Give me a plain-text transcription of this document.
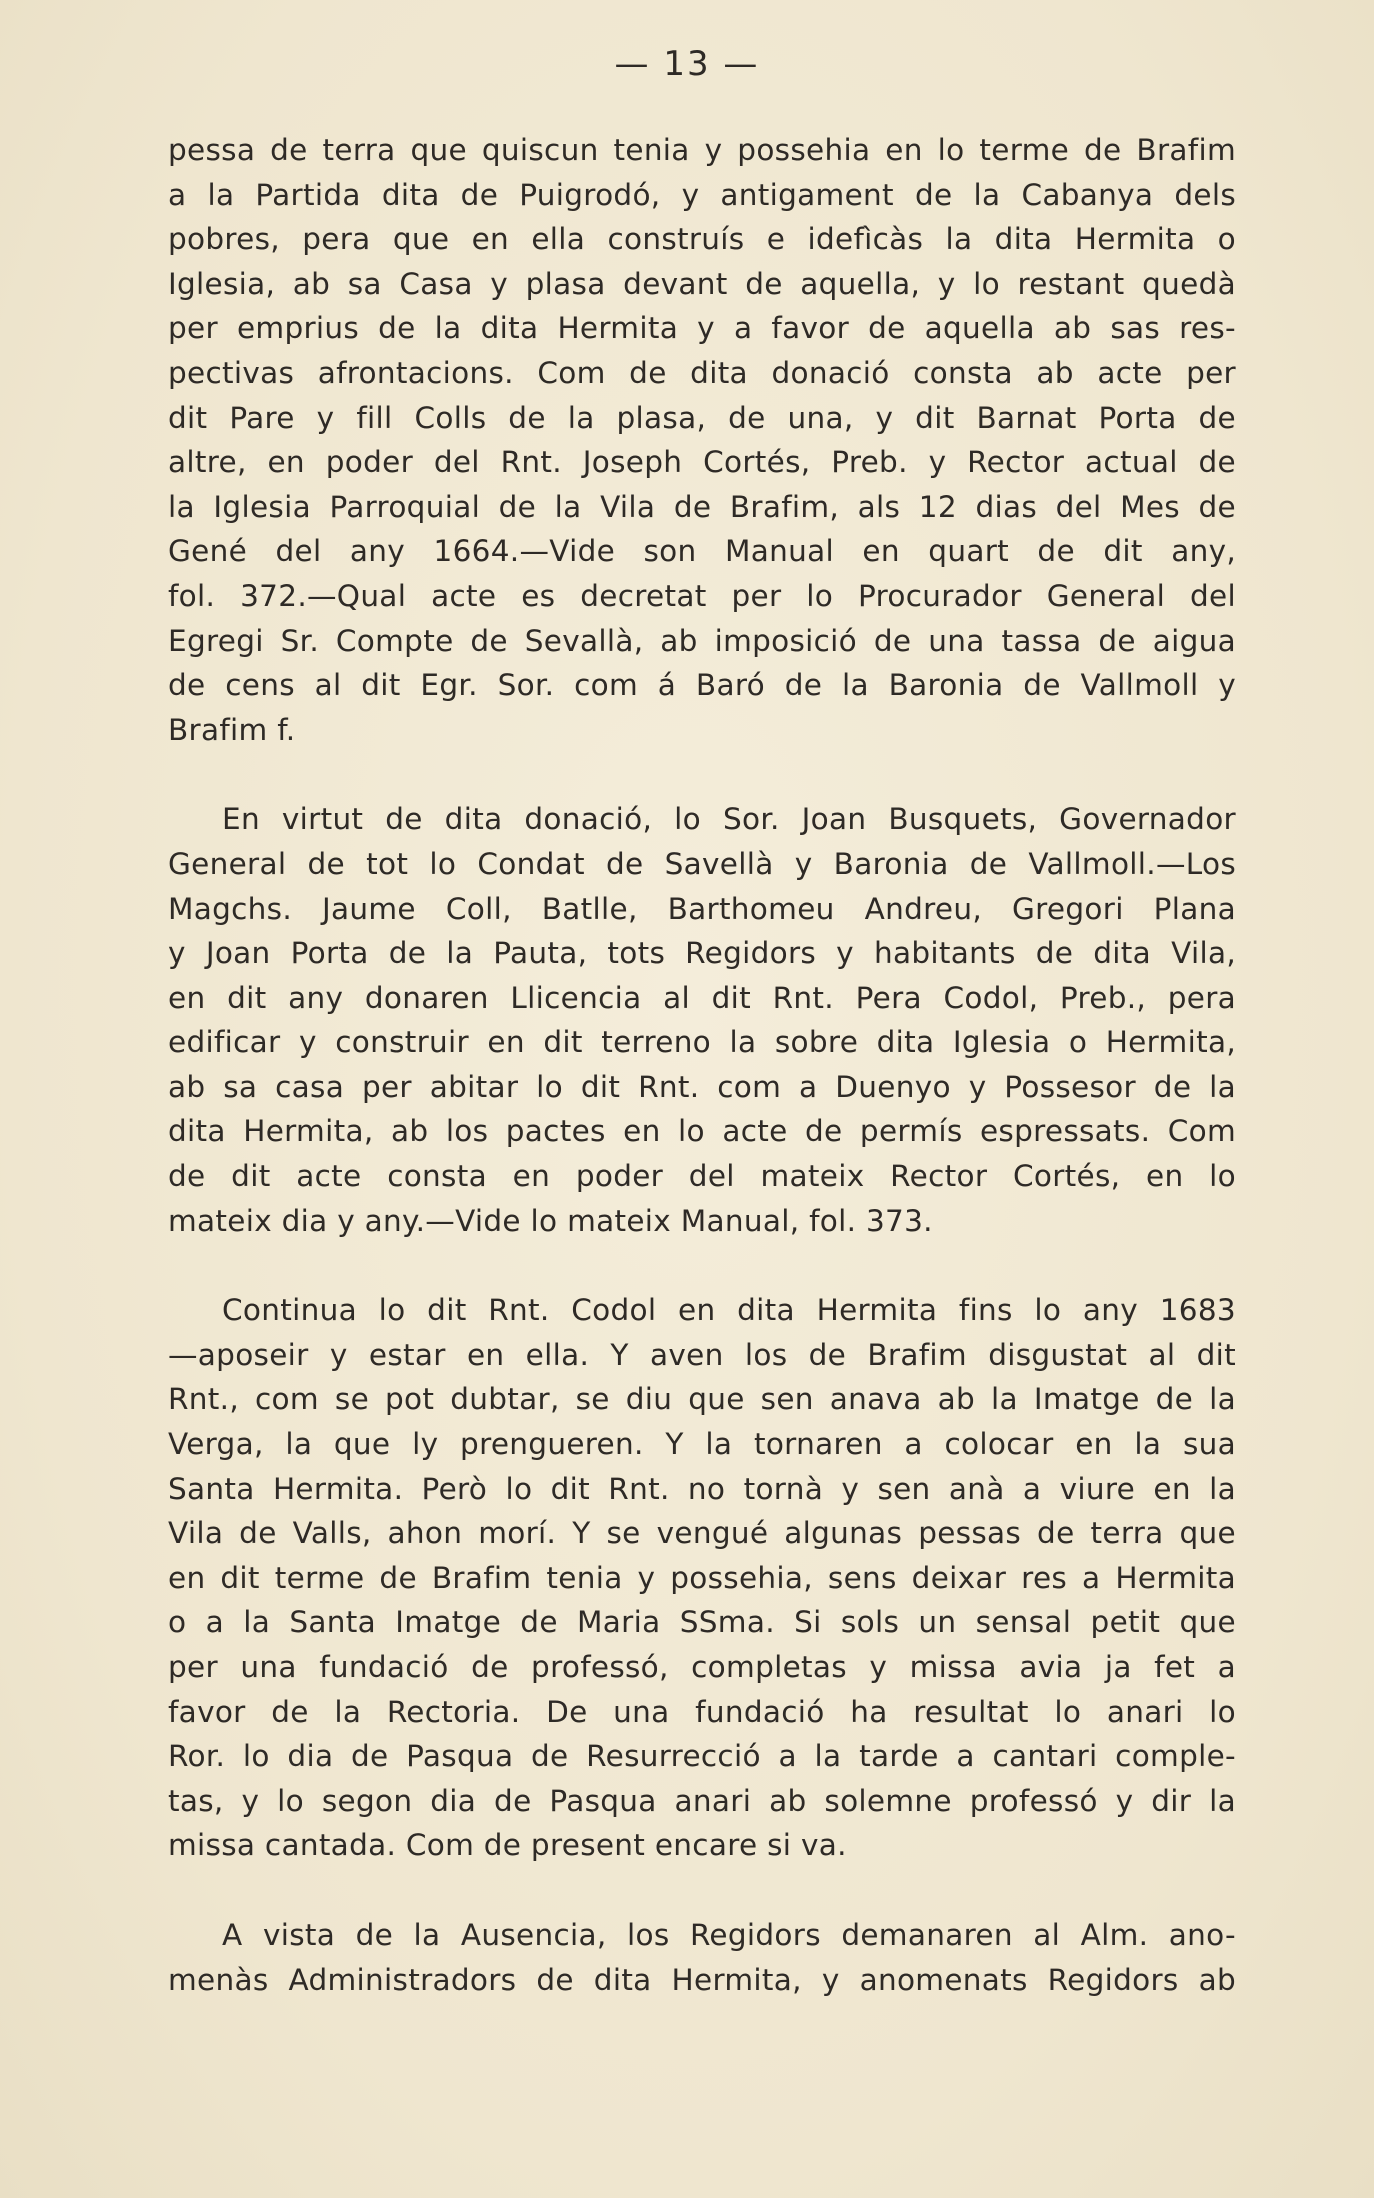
— 13 —
pessa de terra que quiscun tenia y possehia en lo terme de Brafim
a la Partida dita de Puigrodó, y antigament de la Cabanya dels
pobres, pera que en ella construís e idefìcàs la dita Hermita o
Iglesia, ab sa Casa y plasa devant de aquella, y lo restant quedà
per emprius de la dita Hermita y a favor de aquella ab sas res-
pectivas afrontacions. Com de dita donació consta ab acte per
dit Pare y fill Colls de la plasa, de una, y dit Barnat Porta de
altre, en poder del Rnt. Joseph Cortés, Preb. y Rector actual de
la Iglesia Parroquial de la Vila de Brafim, als 12 dias del Mes de
Gené del any 1664.—Vide son Manual en quart de dit any,
fol. 372.—Qual acte es decretat per lo Procurador General del
Egregi Sr. Compte de Sevallà, ab imposició de una tassa de aigua
de cens al dit Egr. Sor. com á Baró de la Baronia de Vallmoll y
Brafim f.
En virtut de dita donació, lo Sor. Joan Busquets, Governador
General de tot lo Condat de Savellà y Baronia de Vallmoll.—Los
Magchs. Jaume Coll, Batlle, Barthomeu Andreu, Gregori Plana
y Joan Porta de la Pauta, tots Regidors y habitants de dita Vila,
en dit any donaren Llicencia al dit Rnt. Pera Codol, Preb., pera
edificar y construir en dit terreno la sobre dita Iglesia o Hermita,
ab sa casa per abitar lo dit Rnt. com a Duenyo y Possesor de la
dita Hermita, ab los pactes en lo acte de permís espressats. Com
de dit acte consta en poder del mateix Rector Cortés, en lo
mateix dia y any.—Vide lo mateix Manual, fol. 373.
Continua lo dit Rnt. Codol en dita Hermita fins lo any 1683
—aposeir y estar en ella. Y aven los de Brafim disgustat al dit
Rnt., com se pot dubtar, se diu que sen anava ab la Imatge de la
Verga, la que ly prengueren. Y la tornaren a colocar en la sua
Santa Hermita. Però lo dit Rnt. no tornà y sen anà a viure en la
Vila de Valls, ahon morí. Y se vengué algunas pessas de terra que
en dit terme de Brafim tenia y possehia, sens deixar res a Hermita
o a la Santa Imatge de Maria SSma. Si sols un sensal petit que
per una fundació de professó, completas y missa avia ja fet a
favor de la Rectoria. De una fundació ha resultat lo anari lo
Ror. lo dia de Pasqua de Resurrecció a la tarde a cantari comple-
tas, y lo segon dia de Pasqua anari ab solemne professó y dir la
missa cantada. Com de present encare si va.
A vista de la Ausencia, los Regidors demanaren al Alm. ano-
menàs Administradors de dita Hermita, y anomenats Regidors ab
